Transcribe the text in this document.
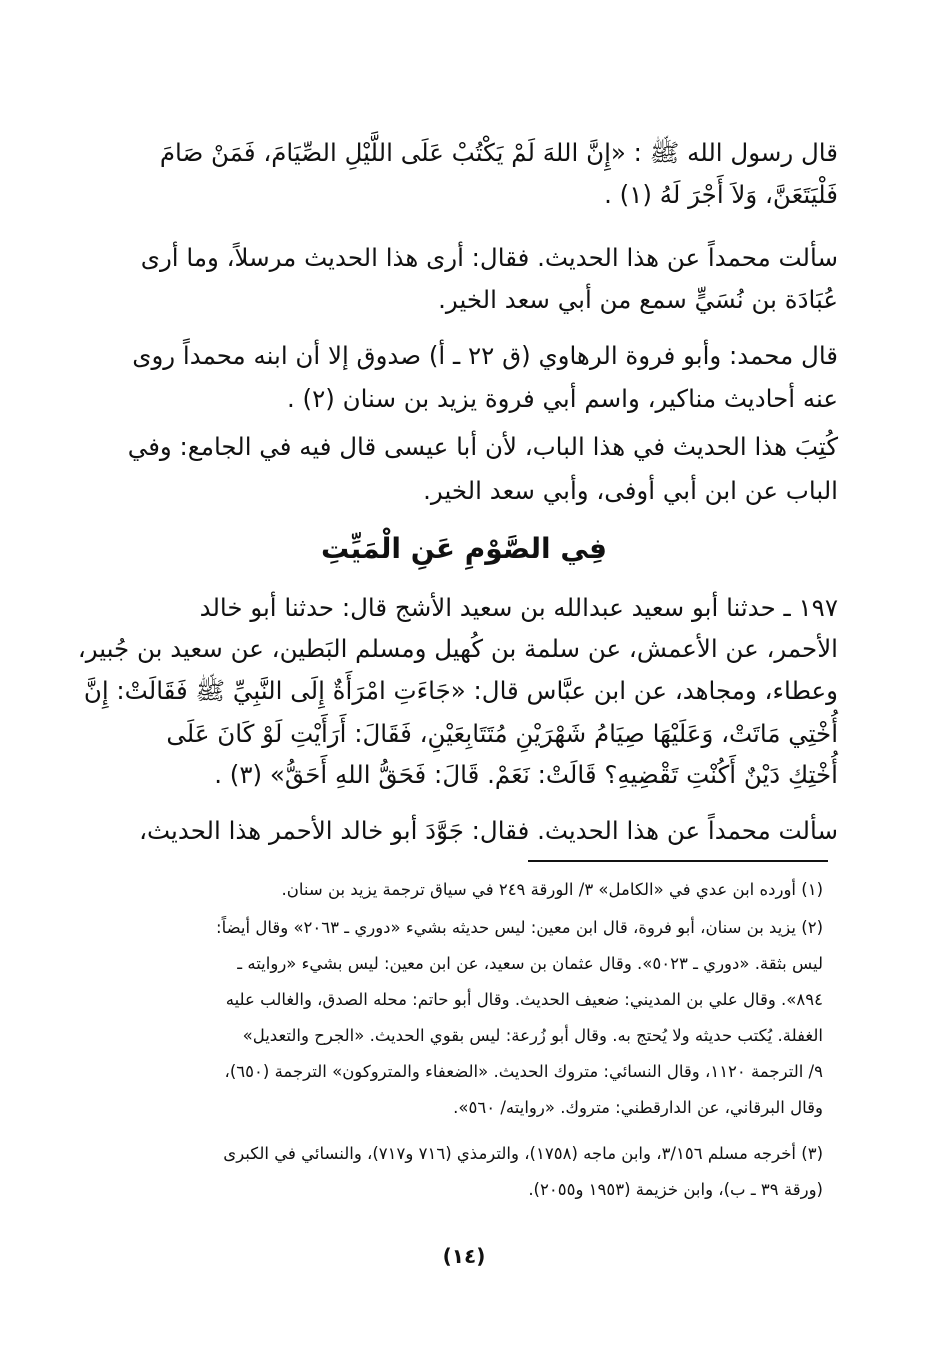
قال رسول الله ﷺ : «إِنَّ اللهَ لَمْ يَكْتُبْ عَلَى اللَّيْلِ الصِّيَامَ، فَمَنْ صَامَ
فَلْيَتَعَنَّ، وَلاَ أَجْرَ لَهُ (١) .
سألت محمداً عن هذا الحديث. فقال: أرى هذا الحديث مرسلاً، وما أرى
عُبَادَة بن نُسَيٍّ سمع من أبي سعد الخير.
قال محمد: وأبو فروة الرهاوي (ق ٢٢ ـ أ) صدوق إلا أن ابنه محمداً روى
عنه أحاديث مناكير، واسم أبي فروة يزيد بن سنان (٢) .
كُتِبَ هذا الحديث في هذا الباب، لأن أبا عيسى قال فيه في الجامع: وفي
الباب عن ابن أبي أوفى، وأبي سعد الخير.
فِي الصَّوْمِ عَنِ الْمَيِّتِ
١٩٧ ـ حدثنا أبو سعيد عبدالله بن سعيد الأشج قال: حدثنا أبو خالد
الأحمر، عن الأعمش، عن سلمة بن كُهيل ومسلم البَطين، عن سعيد بن جُبير،
وعطاء، ومجاهد، عن ابن عبَّاس قال: «جَاءَتِ امْرَأَةٌ إِلَى النَّبِيِّ ﷺ فَقَالَتْ: إِنَّ
أُخْتِي مَاتَتْ، وَعَلَيْهَا صِيَامُ شَهْرَيْنِ مُتَتَابِعَيْنِ، فَقَالَ: أَرَأَيْتِ لَوْ كَانَ عَلَى
أُخْتِكِ دَيْنٌ أَكُنْتِ تَقْضِيهِ؟ قَالَتْ: نَعَمْ. قَالَ: فَحَقُّ اللهِ أَحَقُّ» (٣) .
سألت محمداً عن هذا الحديث. فقال: جَوَّدَ أبو خالد الأحمر هذا الحديث،
(١) أورده ابن عدي في «الكامل» ٣/ الورقة ٢٤٩ في سياق ترجمة يزيد بن سنان.
(٢) يزيد بن سنان، أبو فروة، قال ابن معين: ليس حديثه بشيء «دوري ـ ٢٠٦٣» وقال أيضاً:
ليس بثقة. «دوري ـ ٥٠٢٣». وقال عثمان بن سعيد، عن ابن معين: ليس بشيء «روايته ـ
٨٩٤». وقال علي بن المديني: ضعيف الحديث. وقال أبو حاتم: محله الصدق، والغالب عليه
الغفلة. يُكتب حديثه ولا يُحتج به. وقال أبو زُرعة: ليس بقوي الحديث. «الجرح والتعديل»
٩/ الترجمة ١١٢٠، وقال النسائي: متروك الحديث. «الضعفاء والمتروكون» الترجمة (٦٥٠)،
وقال البرقاني، عن الدارقطني: متروك. «روايته/ ٥٦٠».
(٣) أخرجه مسلم ٣/١٥٦، وابن ماجه (١٧٥٨)، والترمذي (٧١٦ و٧١٧)، والنسائي في الكبرى
(ورقة ٣٩ ـ ب)، وابن خزيمة (١٩٥٣ و٢٠٥٥).
(١٤)
